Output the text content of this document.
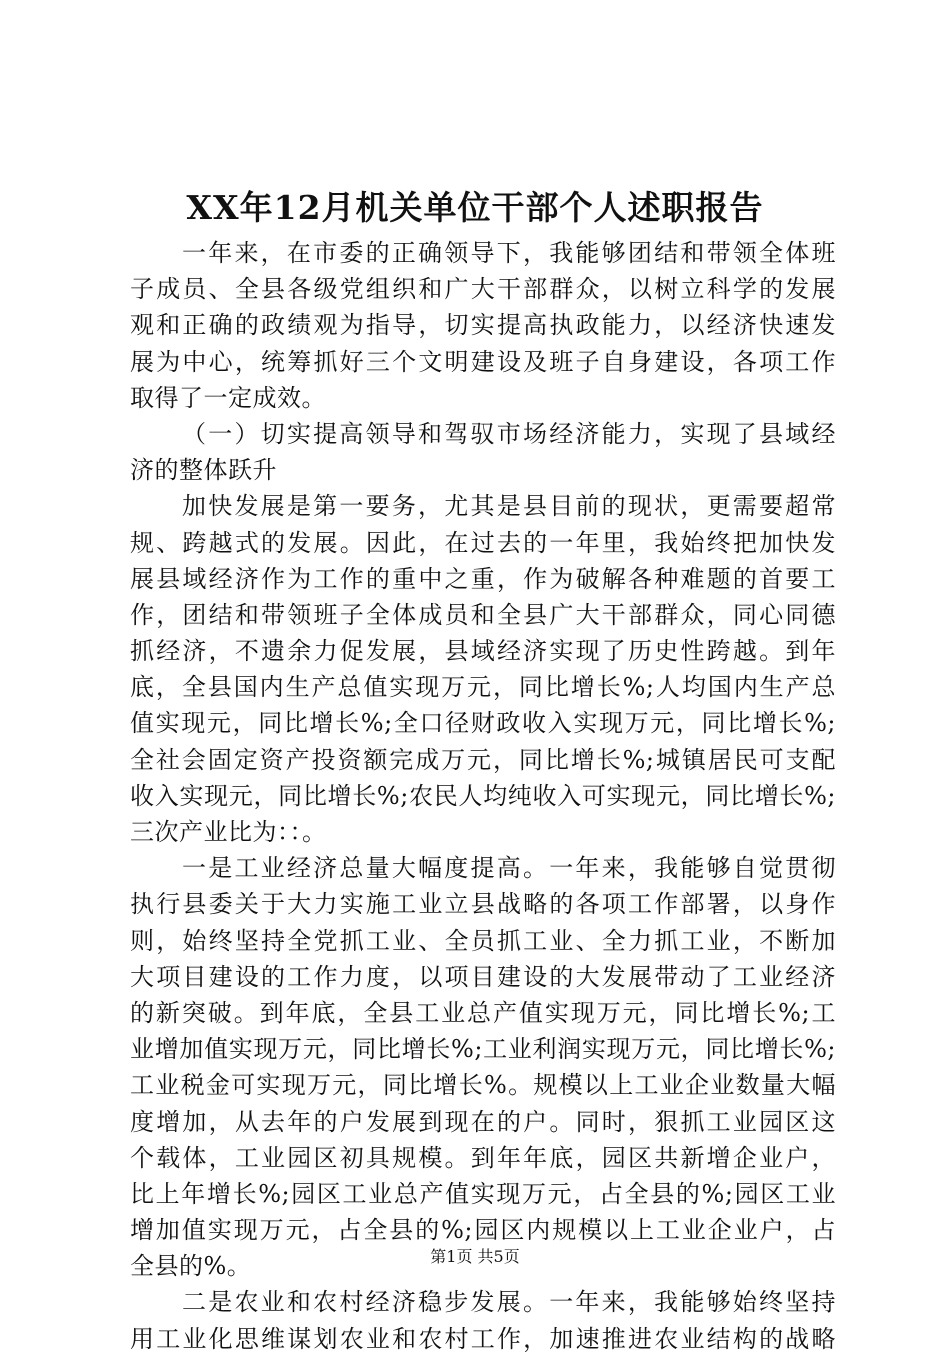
XX年12月机关单位干部个人述职报告
一年来，在市委的正确领导下，我能够团结和带领全体班
子成员、全县各级党组织和广大干部群众，以树立科学的发展
观和正确的政绩观为指导，切实提高执政能力，以经济快速发
展为中心，统筹抓好三个文明建设及班子自身建设，各项工作
取得了一定成效。
（一）切实提高领导和驾驭市场经济能力，实现了县域经
济的整体跃升
加快发展是第一要务，尤其是县目前的现状，更需要超常
规、跨越式的发展。因此，在过去的一年里，我始终把加快发
展县域经济作为工作的重中之重，作为破解各种难题的首要工
作，团结和带领班子全体成员和全县广大干部群众，同心同德
抓经济，不遗余力促发展，县域经济实现了历史性跨越。到年
底，全县国内生产总值实现万元，同比增长%;人均国内生产总
值实现元，同比增长%;全口径财政收入实现万元，同比增长%;
全社会固定资产投资额完成万元，同比增长%;城镇居民可支配
收入实现元，同比增长%;农民人均纯收入可实现元，同比增长%;
三次产业比为：：。
一是工业经济总量大幅度提高。一年来，我能够自觉贯彻
执行县委关于大力实施工业立县战略的各项工作部署，以身作
则，始终坚持全党抓工业、全员抓工业、全力抓工业，不断加
大项目建设的工作力度，以项目建设的大发展带动了工业经济
的新突破。到年底，全县工业总产值实现万元，同比增长%;工
业增加值实现万元，同比增长%;工业利润实现万元，同比增长%;
工业税金可实现万元，同比增长%。规模以上工业企业数量大幅
度增加，从去年的户发展到现在的户。同时，狠抓工业园区这
个载体，工业园区初具规模。到年年底，园区共新增企业户，
比上年增长%;园区工业总产值实现万元，占全县的%;园区工业
增加值实现万元，占全县的%;园区内规模以上工业企业户，占
全县的%。
二是农业和农村经济稳步发展。一年来，我能够始终坚持
用工业化思维谋划农业和农村工作，加速推进农业结构的战略
第1页 共5页
